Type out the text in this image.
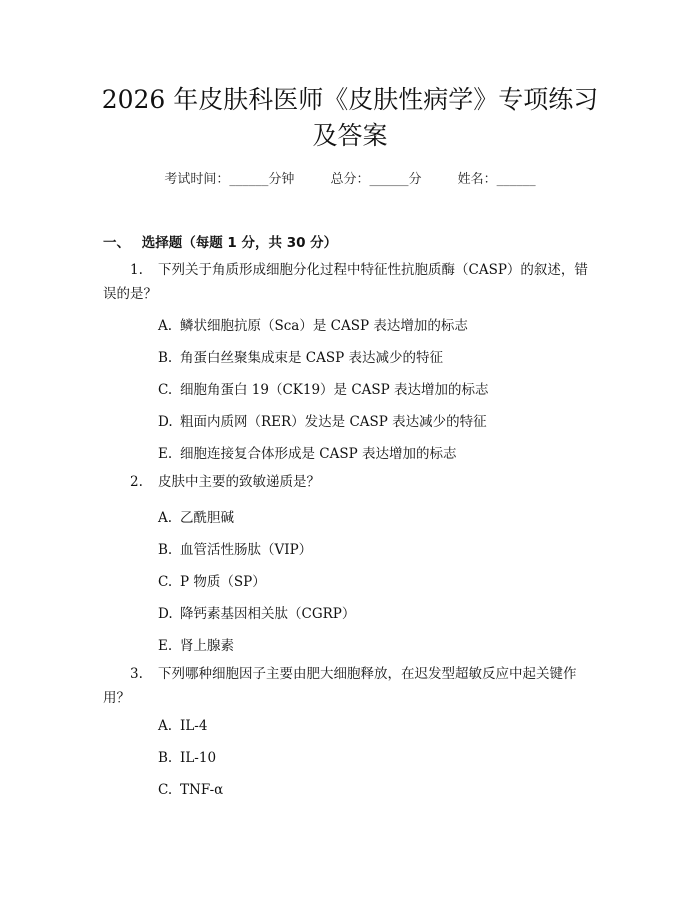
2026 年皮肤科医师《皮肤性病学》专项练习及答案
考试时间：______分钟	总分：______分	姓名：______
一、 选择题（每题 1 分，共 30 分）
1. 下列关于角质形成细胞分化过程中特征性抗胞质酶（CASP）的叙述，错误的是？
A. 鳞状细胞抗原（Sca）是 CASP 表达增加的标志
B. 角蛋白丝聚集成束是 CASP 表达减少的特征
C. 细胞角蛋白 19（CK19）是 CASP 表达增加的标志
D. 粗面内质网（RER）发达是 CASP 表达减少的特征
E. 细胞连接复合体形成是 CASP 表达增加的标志
2. 皮肤中主要的致敏递质是？
A. 乙酰胆碱
B. 血管活性肠肽（VIP）
C. P 物质（SP）
D. 降钙素基因相关肽（CGRP）
E. 肾上腺素
3. 下列哪种细胞因子主要由肥大细胞释放，在迟发型超敏反应中起关键作用？
A. IL-4
B. IL-10
C. TNF-α
